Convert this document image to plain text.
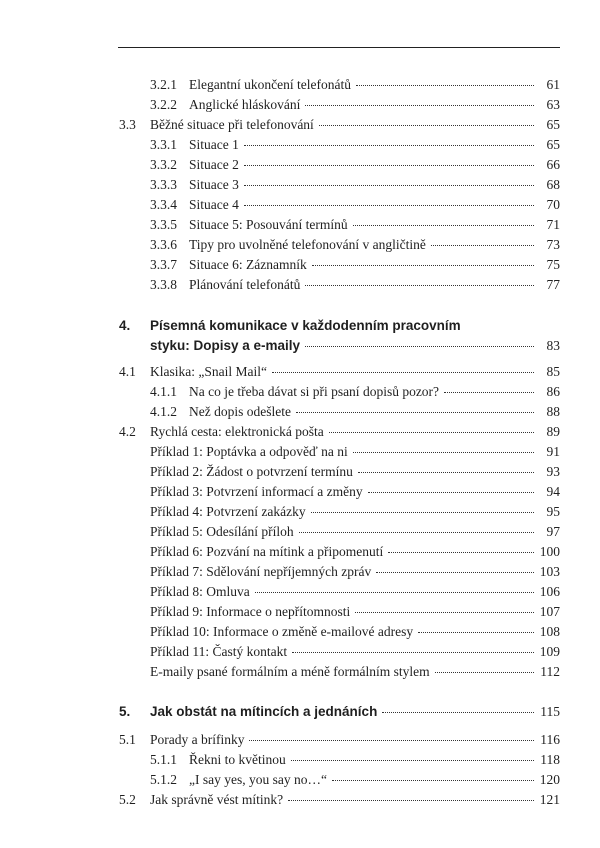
3.2.1 Elegantní ukončení telefonátů	61
3.2.2 Anglické hláskování	63
3.3 Běžné situace při telefonování	65
3.3.1 Situace 1	65
3.3.2 Situace 2	66
3.3.3 Situace 3	68
3.3.4 Situace 4	70
3.3.5 Situace 5: Posouvání termínů	71
3.3.6 Tipy pro uvolněné telefonování v angličtině	73
3.3.7 Situace 6: Záznamník	75
3.3.8 Plánování telefonátů	77
4. Písemná komunikace v každodenním pracovním
styku: Dopisy a e-maily	83
4.1 Klasika: „Snail Mail“	85
4.1.1 Na co je třeba dávat si při psaní dopisů pozor?	86
4.1.2 Než dopis odešlete	88
4.2 Rychlá cesta: elektronická pošta	89
Příklad 1: Poptávka a odpověď na ni	91
Příklad 2: Žádost o potvrzení termínu	93
Příklad 3: Potvrzení informací a změny	94
Příklad 4: Potvrzení zakázky	95
Příklad 5: Odesílání příloh	97
Příklad 6: Pozvání na mítink a připomenutí	100
Příklad 7: Sdělování nepříjemných zpráv	103
Příklad 8: Omluva	106
Příklad 9: Informace o nepřítomnosti	107
Příklad 10: Informace o změně e-mailové adresy	108
Příklad 11: Častý kontakt	109
E-maily psané formálním a méně formálním stylem	112
5. Jak obstát na mítincích a jednáních	115
5.1 Porady a brífinky	116
5.1.1 Řekni to květinou	118
5.1.2 „I say yes, you say no…“	120
5.2 Jak správně vést mítink?	121
